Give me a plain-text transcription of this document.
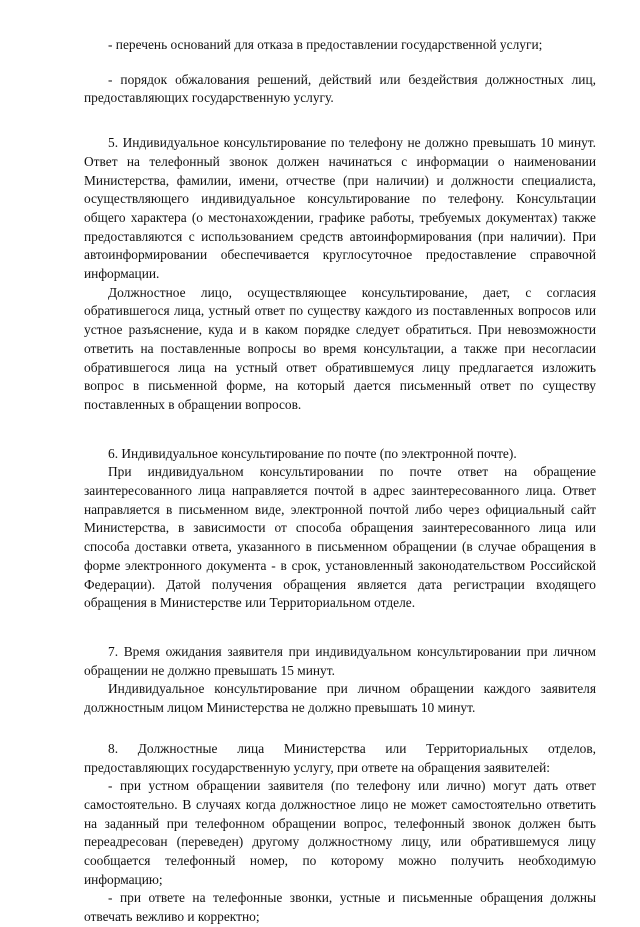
- перечень оснований для отказа в предоставлении государственной услуги;

- порядок обжалования решений, действий или бездействия должностных лиц, предоставляющих государственную услугу.

5. Индивидуальное консультирование по телефону не должно превышать 10 минут. Ответ на телефонный звонок должен начинаться с информации о наименовании Министерства, фамилии, имени, отчестве (при наличии) и должности специалиста, осуществляющего индивидуальное консультирование по телефону. Консультации общего характера (о местонахождении, графике работы, требуемых документах) также предоставляются с использованием средств автоинформирования (при наличии). При автоинформировании обеспечивается круглосуточное предоставление справочной информации.

Должностное лицо, осуществляющее консультирование, дает, с согласия обратившегося лица, устный ответ по существу каждого из поставленных вопросов или устное разъяснение, куда и в каком порядке следует обратиться. При невозможности ответить на поставленные вопросы во время консультации, а также при несогласии обратившегося лица на устный ответ обратившемуся лицу предлагается изложить вопрос в письменной форме, на который дается письменный ответ по существу поставленных в обращении вопросов.

6. Индивидуальное консультирование по почте (по электронной почте).

При индивидуальном консультировании по почте ответ на обращение заинтересованного лица направляется почтой в адрес заинтересованного лица. Ответ направляется в письменном виде, электронной почтой либо через официальный сайт Министерства, в зависимости от способа обращения заинтересованного лица или способа доставки ответа, указанного в письменном обращении (в случае обращения в форме электронного документа - в срок, установленный законодательством Российской Федерации). Датой получения обращения является дата регистрации входящего обращения в Министерстве или Территориальном отделе.

7. Время ожидания заявителя при индивидуальном консультировании при личном обращении не должно превышать 15 минут.

Индивидуальное консультирование при личном обращении каждого заявителя должностным лицом Министерства не должно превышать 10 минут.

8. Должностные лица Министерства или Территориальных отделов, предоставляющих государственную услугу, при ответе на обращения заявителей:

- при устном обращении заявителя (по телефону или лично) могут дать ответ самостоятельно. В случаях когда должностное лицо не может самостоятельно ответить на заданный при телефонном обращении вопрос, телефонный звонок должен быть переадресован (переведен) другому должностному лицу, или обратившемуся лицу сообщается телефонный номер, по которому можно получить необходимую информацию;

- при ответе на телефонные звонки, устные и письменные обращения должны отвечать вежливо и корректно;
